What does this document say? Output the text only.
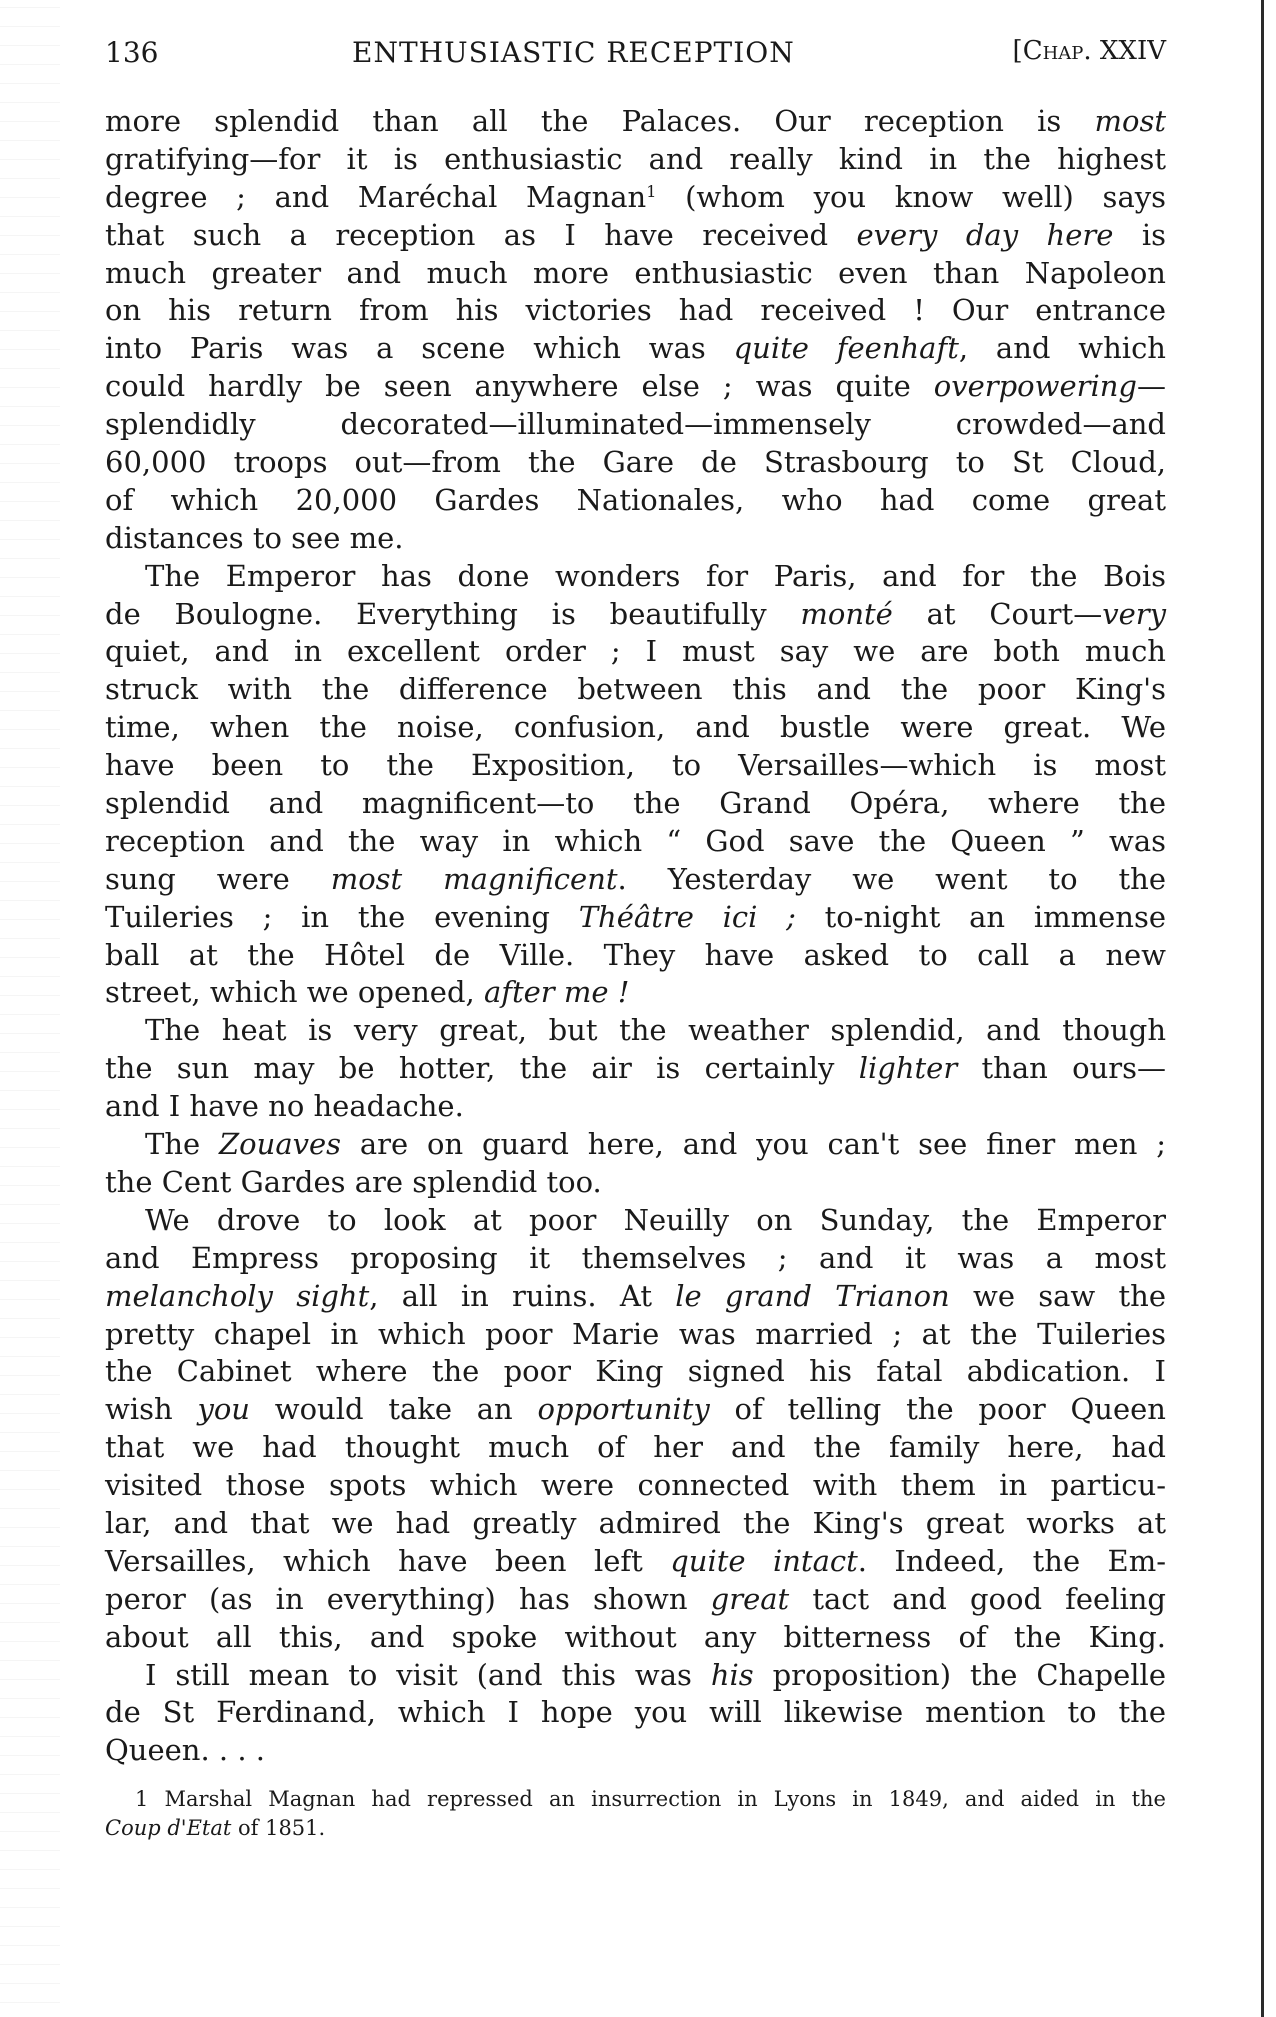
136	ENTHUSIASTIC RECEPTION	[Chap. XXIV
more splendid than all the Palaces. Our reception is most
gratifying—for it is enthusiastic and really kind in the highest
degree ; and Maréchal Magnan$^1$ (whom you know well) says
that such a reception as I have received every day here is
much greater and much more enthusiastic even than Napoleon
on his return from his victories had received ! Our entrance
into Paris was a scene which was quite feenhaft, and which
could hardly be seen anywhere else ; was quite overpowering—
splendidly decorated—illuminated—immensely crowded—and
60,000 troops out—from the Gare de Strasbourg to St Cloud,
of which 20,000 Gardes Nationales, who had come great
distances to see me.
The Emperor has done wonders for Paris, and for the Bois
de Boulogne. Everything is beautifully monté at Court—very
quiet, and in excellent order ; I must say we are both much
struck with the difference between this and the poor King's
time, when the noise, confusion, and bustle were great. We
have been to the Exposition, to Versailles—which is most
splendid and magnificent—to the Grand Opéra, where the
reception and the way in which “ God save the Queen ” was
sung were most magnificent. Yesterday we went to the
Tuileries ; in the evening Théâtre ici ; to-night an immense
ball at the Hôtel de Ville. They have asked to call a new
street, which we opened, after me !
The heat is very great, but the weather splendid, and though
the sun may be hotter, the air is certainly lighter than ours—
and I have no headache.
The Zouaves are on guard here, and you can't see finer men ;
the Cent Gardes are splendid too.
We drove to look at poor Neuilly on Sunday, the Emperor
and Empress proposing it themselves ; and it was a most
melancholy sight, all in ruins. At le grand Trianon we saw the
pretty chapel in which poor Marie was married ; at the Tuileries
the Cabinet where the poor King signed his fatal abdication. I
wish you would take an opportunity of telling the poor Queen
that we had thought much of her and the family here, had
visited those spots which were connected with them in particu-
lar, and that we had greatly admired the King's great works at
Versailles, which have been left quite intact. Indeed, the Em-
peror (as in everything) has shown great tact and good feeling
about all this, and spoke without any bitterness of the King.
I still mean to visit (and this was his proposition) the Chapelle
de St Ferdinand, which I hope you will likewise mention to the
Queen. . . .
1 Marshal Magnan had repressed an insurrection in Lyons in 1849, and aided in the
Coup d'Etat of 1851.
